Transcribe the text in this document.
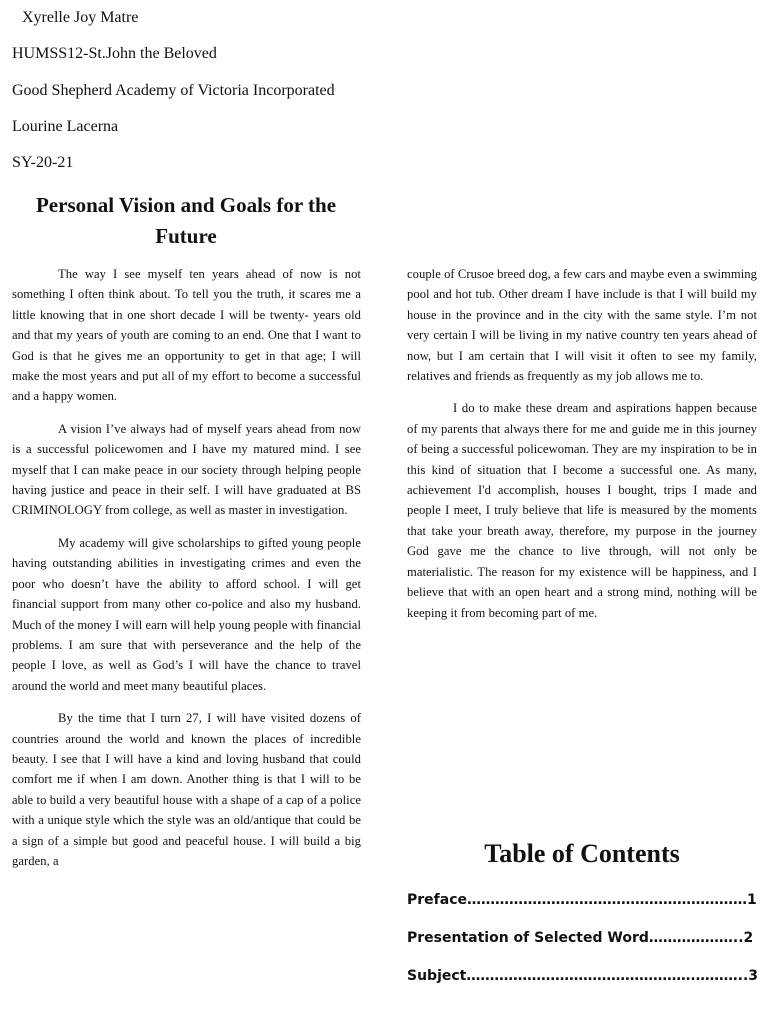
Xyrelle Joy Matre
HUMSS12-St.John the Beloved
Good Shepherd Academy of Victoria Incorporated
Lourine Lacerna
SY-20-21
Personal Vision and Goals for the Future

The way I see myself ten years ahead of now is not something I often think about. To tell you the truth, it scares me a little knowing that in one short decade I will be twenty- years old and that my years of youth are coming to an end. One that I want to God is that he gives me an opportunity to get in that age; I will make the most years and put all of my effort to become a successful and a happy women.

A vision I’ve always had of myself years ahead from now is a successful policewomen and I have my matured mind. I see myself that I can make peace in our society through helping people having justice and peace in their self. I will have graduated at BS CRIMINOLOGY from college, as well as master in investigation.

My academy will give scholarships to gifted young people having outstanding abilities in investigating crimes and even the poor who doesn’t have the ability to afford school. I will get financial support from many other co-police and also my husband. Much of the money I will earn will help young people with financial problems. I am sure that with perseverance and the help of the people I love, as well as God’s I will have the chance to travel around the world and meet many beautiful places.

By the time that I turn 27, I will have visited dozens of countries around the world and known the places of incredible beauty. I see that I will have a kind and loving husband that could comfort me if when I am down. Another thing is that I will to be able to build a very beautiful house with a shape of a cap of a police with a unique style which the style was an old/antique that could be a sign of a simple but good and peaceful house. I will build a big garden, a

couple of Crusoe breed dog, a few cars and maybe even a swimming pool and hot tub. Other dream I have include is that I will build my house in the province and in the city with the same style. I’m not very certain I will be living in my native country ten years ahead of now, but I am certain that I will visit it often to see my family, relatives and friends as frequently as my job allows me to.

I do to make these dream and aspirations happen because of my parents that always there for me and guide me in this journey of being a successful policewoman. They are my inspiration to be in this kind of situation that I become a successful one. As many, achievement I'd accomplish, houses I bought, trips I made and people I meet, I truly believe that life is measured by the moments that take your breath away, therefore, my purpose in the journey God gave me the chance to live through, will not only be materialistic. The reason for my existence will be happiness, and I believe that with an open heart and a strong mind, nothing will be keeping it from becoming part of me.

Table of Contents
Preface……………………………………………………1
Presentation of Selected Word………………..2
Subject………………………………………….………..3
